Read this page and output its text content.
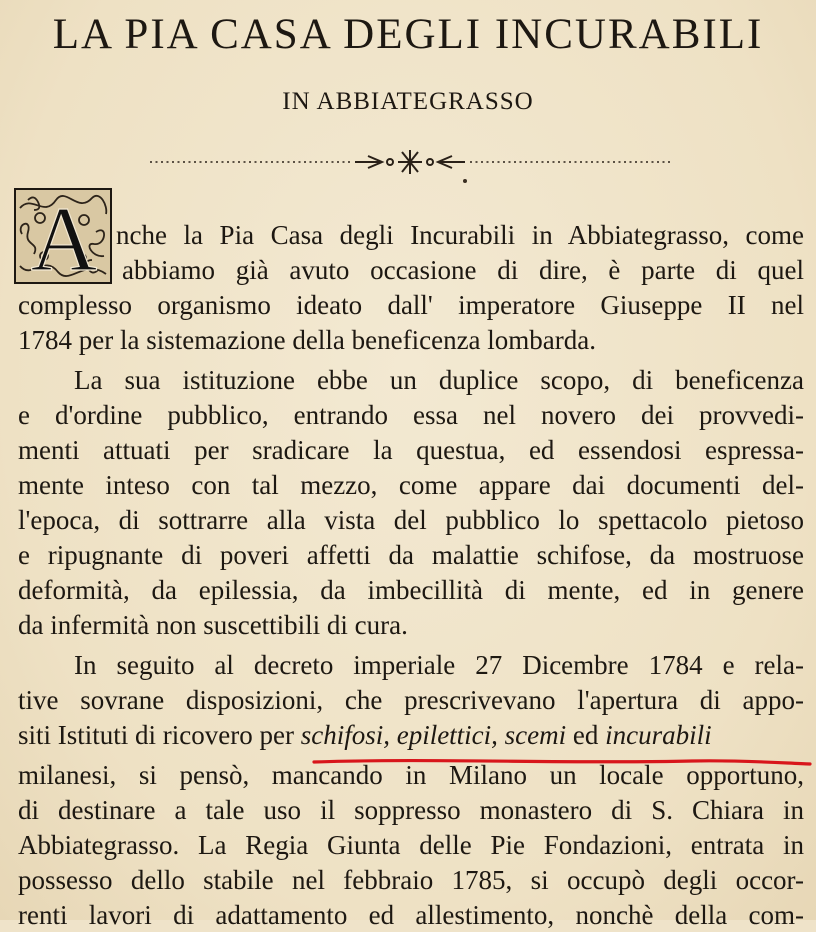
LA PIA CASA DEGLI INCURABILI
IN ABBIATEGRASSO
A nche la Pia Casa degli Incurabili in Abbiategrasso, come
abbiamo già avuto occasione di dire, è parte di quel
complesso organismo ideato dall' imperatore Giuseppe II nel
1784 per la sistemazione della beneficenza lombarda.
La sua istituzione ebbe un duplice scopo, di beneficenza
e d'ordine pubblico, entrando essa nel novero dei provvedi-
menti attuati per sradicare la questua, ed essendosi espressa-
mente inteso con tal mezzo, come appare dai documenti del-
l'epoca, di sottrarre alla vista del pubblico lo spettacolo pietoso
e ripugnante di poveri affetti da malattie schifose, da mostruose
deformità, da epilessia, da imbecillità di mente, ed in genere
da infermità non suscettibili di cura.
In seguito al decreto imperiale 27 Dicembre 1784 e rela-
tive sovrane disposizioni, che prescrivevano l'apertura di appo-
siti Istituti di ricovero per schifosi, epilettici, scemi ed incurabili
milanesi, si pensò, mancando in Milano un locale opportuno,
di destinare a tale uso il soppresso monastero di S. Chiara in
Abbiategrasso. La Regia Giunta delle Pie Fondazioni, entrata in
possesso dello stabile nel febbraio 1785, si occupò degli occor-
renti lavori di adattamento ed allestimento, nonchè della com-
